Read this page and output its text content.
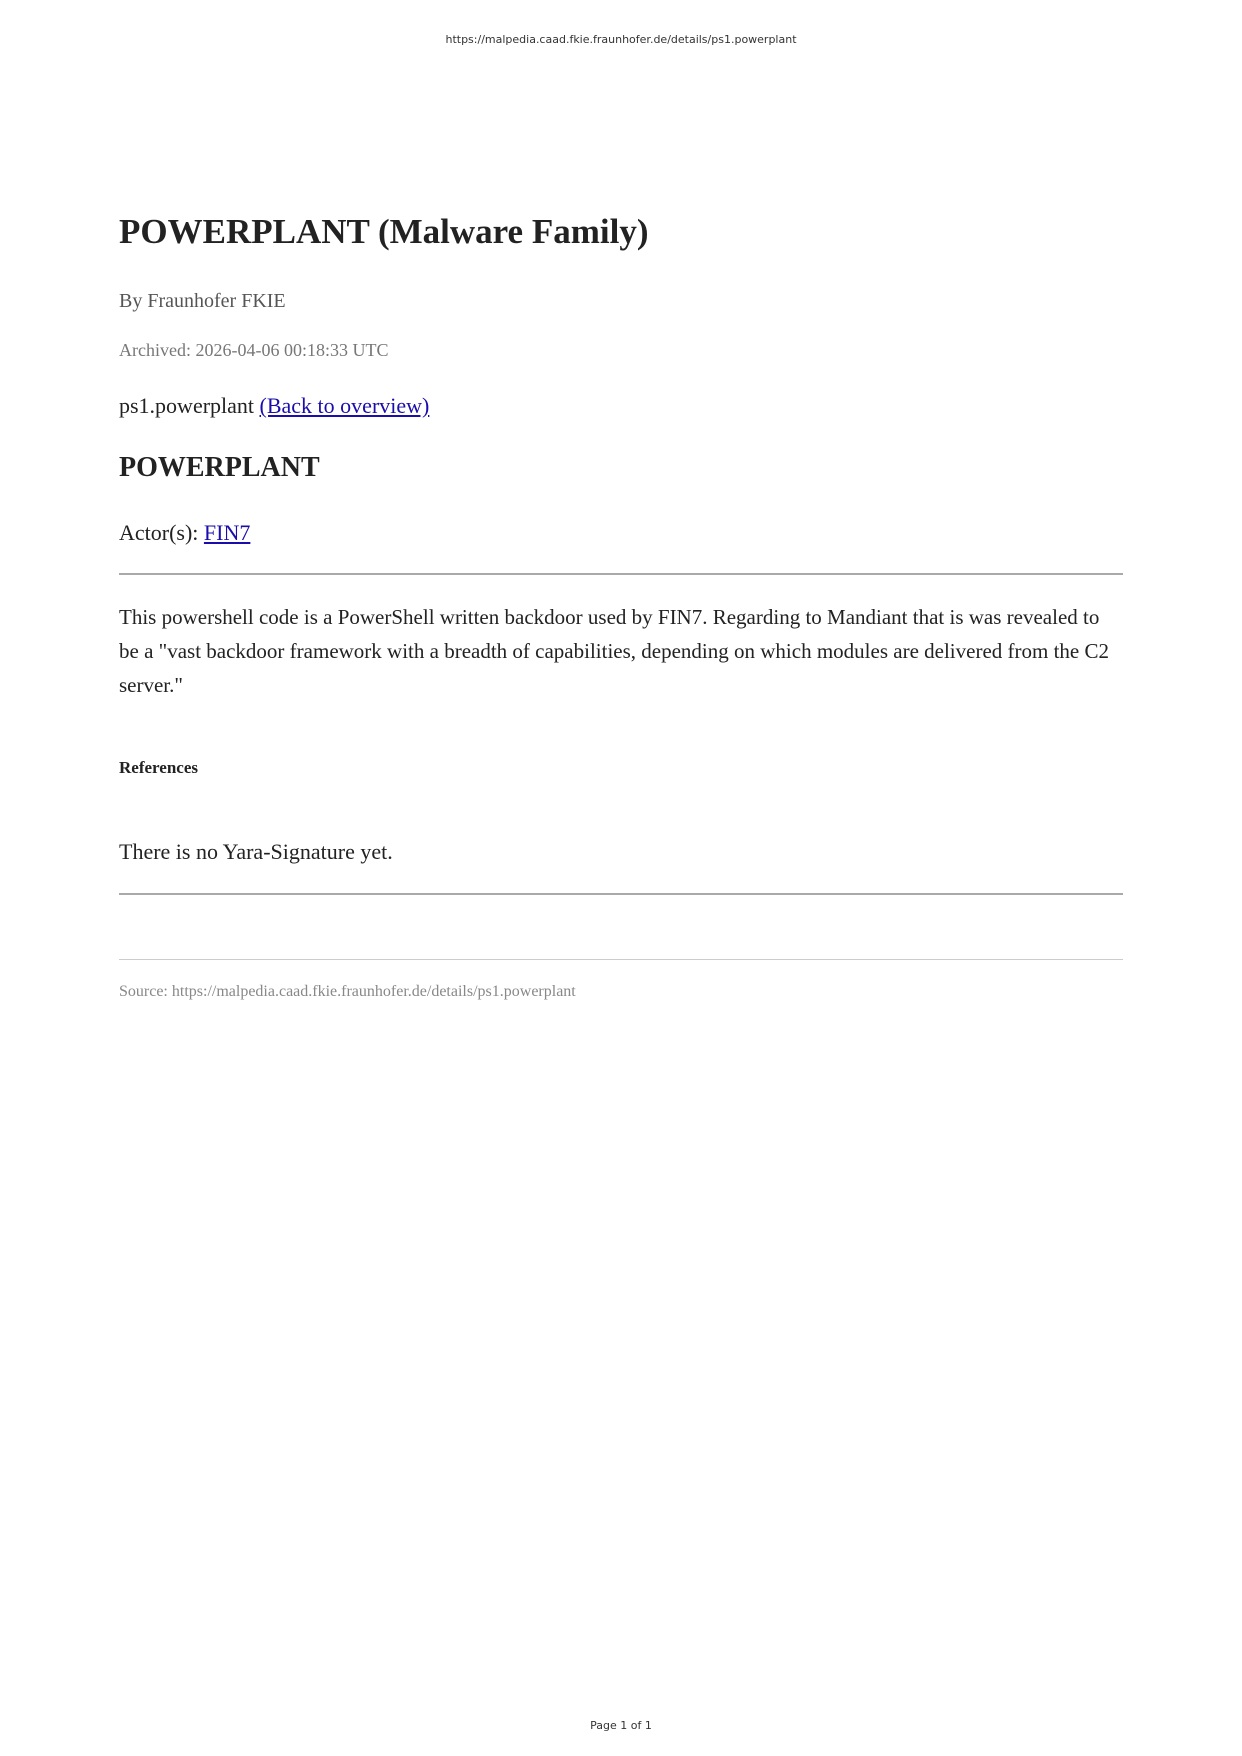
https://malpedia.caad.fkie.fraunhofer.de/details/ps1.powerplant
POWERPLANT (Malware Family)
By Fraunhofer FKIE
Archived: 2026-04-06 00:18:33 UTC
ps1.powerplant (Back to overview)
POWERPLANT
Actor(s): FIN7

This powershell code is a PowerShell written backdoor used by FIN7. Regarding to Mandiant that is was revealed to be a "vast backdoor framework with a breadth of capabilities, depending on which modules are delivered from the C2 server."

References
There is no Yara-Signature yet.
Source: https://malpedia.caad.fkie.fraunhofer.de/details/ps1.powerplant
Page 1 of 1
